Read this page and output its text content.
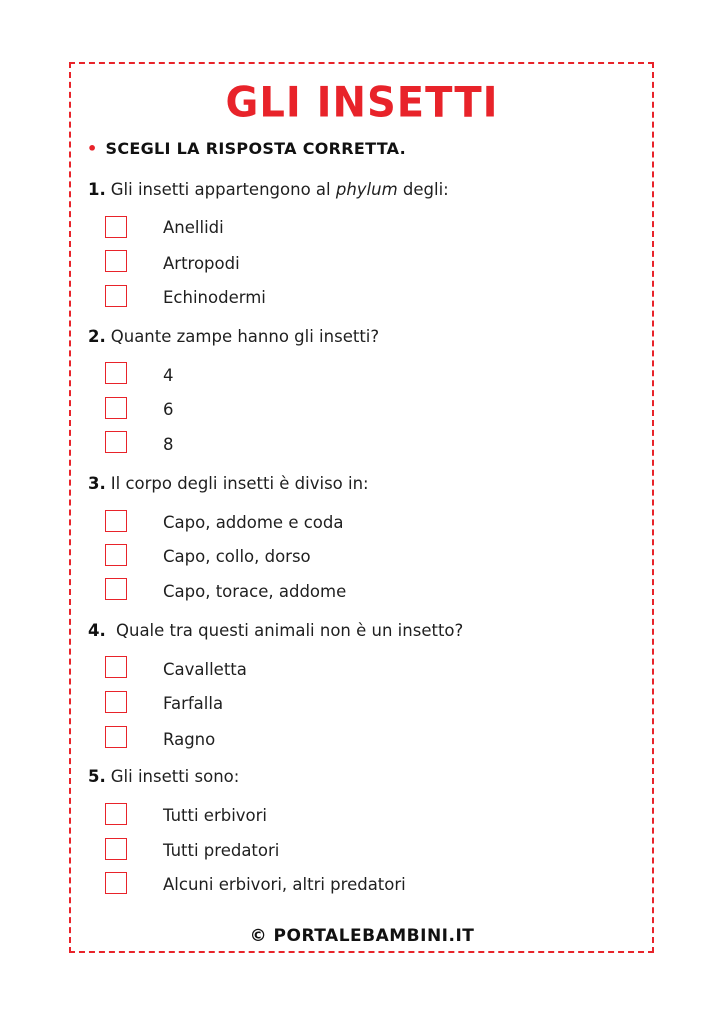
GLI INSETTI
• SCEGLI LA RISPOSTA CORRETTA.
1. Gli insetti appartengono al phylum degli:
Anellidi
Artropodi
Echinodermi
2. Quante zampe hanno gli insetti?
4
6
8
3. Il corpo degli insetti è diviso in:
Capo, addome e coda
Capo, collo, dorso
Capo, torace, addome
4. Quale tra questi animali non è un insetto?
Cavalletta
Farfalla
Ragno
5. Gli insetti sono:
Tutti erbivori
Tutti predatori
Alcuni erbivori, altri predatori
© PORTALEBAMBINI.IT
